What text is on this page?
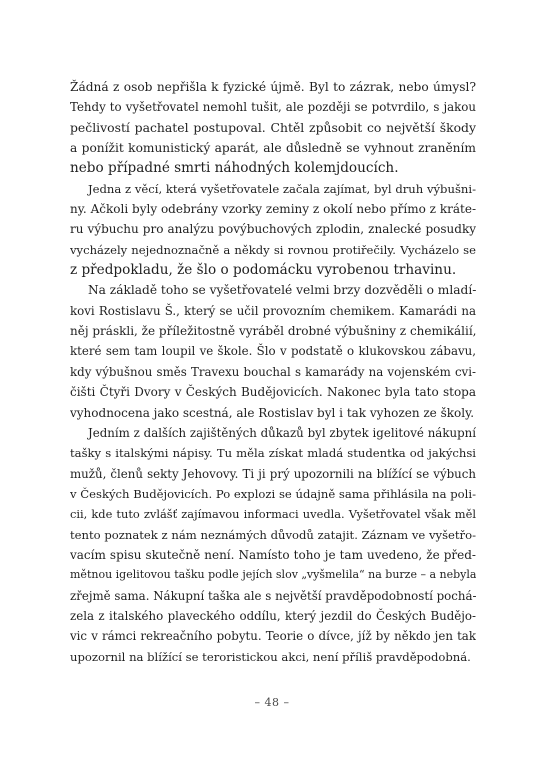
Žádná z osob nepřišla k fyzické újmě. Byl to zázrak, nebo úmysl?
Tehdy to vyšetřovatel nemohl tušit, ale později se potvrdilo, s jakou
pečlivostí pachatel postupoval. Chtěl způsobit co největší škody
a ponížit komunistický aparát, ale důsledně se vyhnout zraněním
nebo případné smrti náhodných kolemjdoucích.
Jedna z věcí, která vyšetřovatele začala zajímat, byl druh výbušni-
ny. Ačkoli byly odebrány vzorky zeminy z okolí nebo přímo z kráte-
ru výbuchu pro analýzu povýbuchových zplodin, znalecké posudky
vycházely nejednoznačně a někdy si rovnou protiřečily. Vycházelo se
z předpokladu, že šlo o podomácku vyrobenou trhavinu.
Na základě toho se vyšetřovatelé velmi brzy dozvěděli o mladí-
kovi Rostislavu Š., který se učil provozním chemikem. Kamarádi na
něj práskli, že příležitostně vyráběl drobné výbušniny z chemikálií,
které sem tam loupil ve škole. Šlo v podstatě o klukovskou zábavu,
kdy výbušnou směs Travexu bouchal s kamarády na vojenském cvi-
čišti Čtyři Dvory v Českých Budějovicích. Nakonec byla tato stopa
vyhodnocena jako scestná, ale Rostislav byl i tak vyhozen ze školy.
Jedním z dalších zajištěných důkazů byl zbytek igelitové nákupní
tašky s italskými nápisy. Tu měla získat mladá studentka od jakýchsi
mužů, členů sekty Jehovovy. Ti ji prý upozornili na blížící se výbuch
v Českých Budějovicích. Po explozi se údajně sama přihlásila na poli-
cii, kde tuto zvlášť zajímavou informaci uvedla. Vyšetřovatel však měl
tento poznatek z nám neznámých důvodů zatajit. Záznam ve vyšetřo-
vacím spisu skutečně není. Namísto toho je tam uvedeno, že před-
mětnou igelitovou tašku podle jejích slov „vyšmelila“ na burze – a nebyla
zřejmě sama. Nákupní taška ale s největší pravděpodobností pochá-
zela z italského plaveckého oddílu, který jezdil do Českých Budějo-
vic v rámci rekreačního pobytu. Teorie o dívce, jíž by někdo jen tak
upozornil na blížící se teroristickou akci, není příliš pravděpodobná.
– 48 –
